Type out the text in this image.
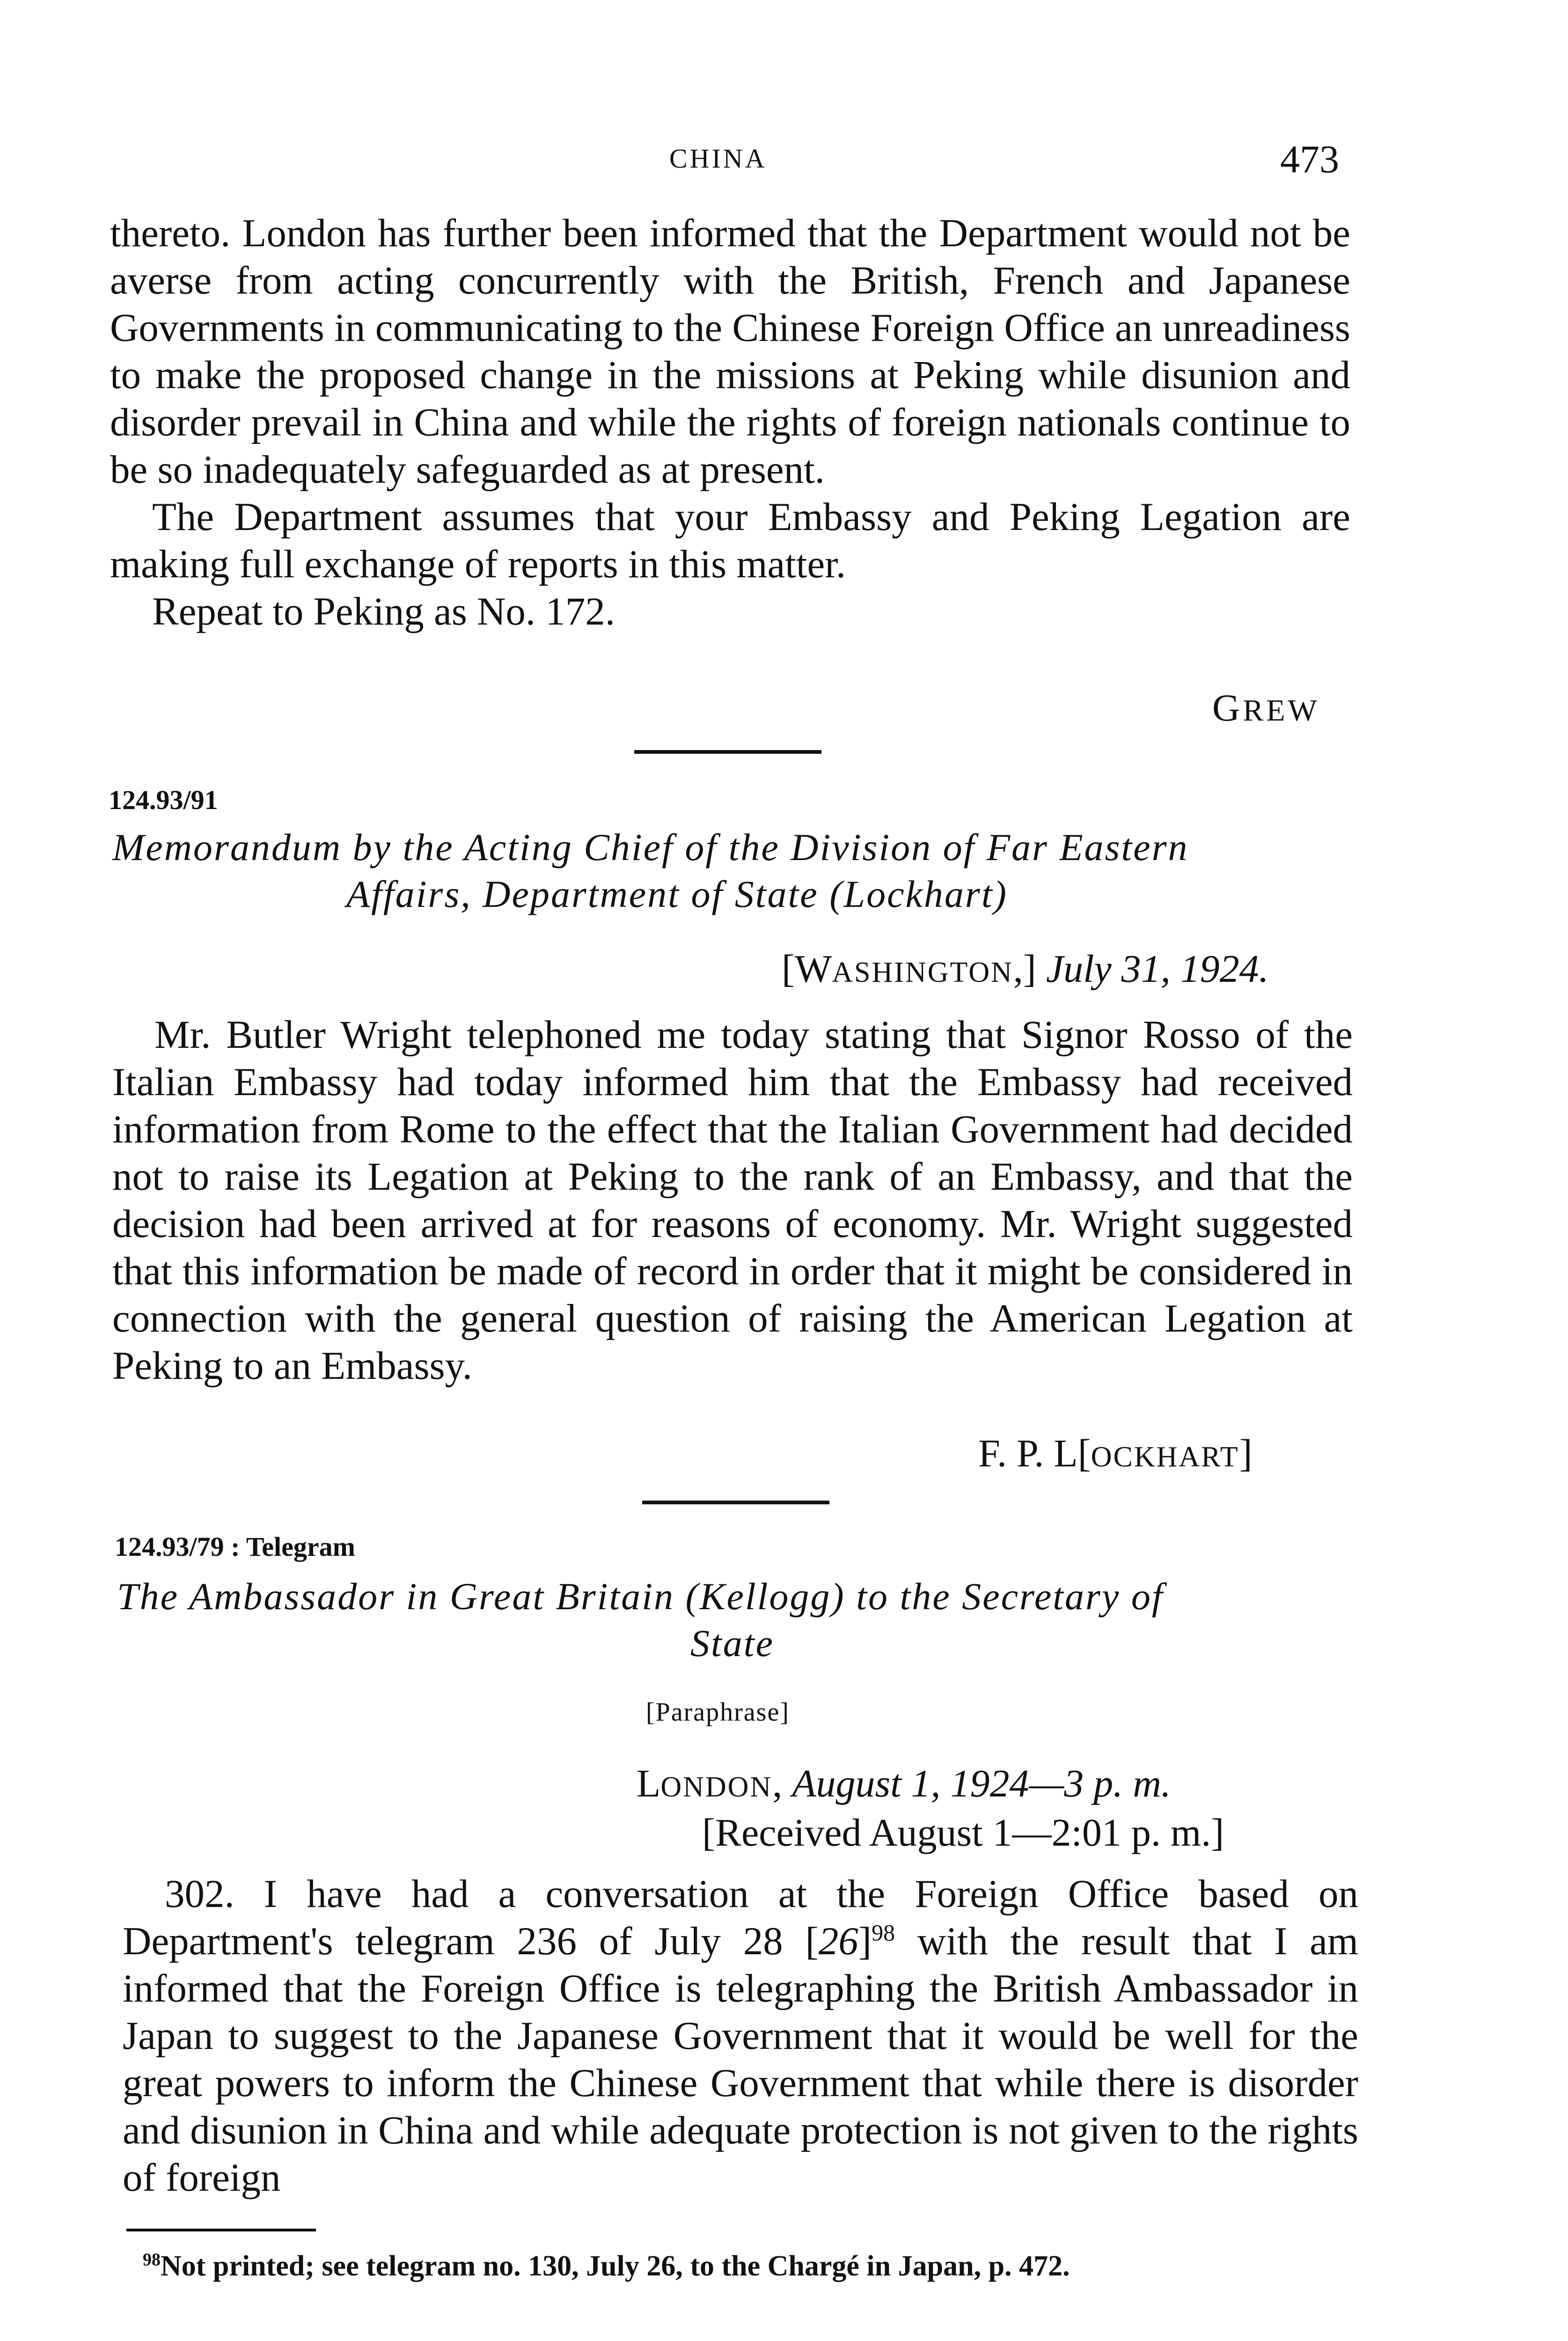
CHINA	473

thereto. London has further been informed that the Department would not be averse from acting concurrently with the British, French and Japanese Governments in communicating to the Chinese Foreign Office an unreadiness to make the proposed change in the missions at Peking while disunion and disorder prevail in China and while the rights of foreign nationals continue to be so inadequately safeguarded as at present.

The Department assumes that your Embassy and Peking Legation are making full exchange of reports in this matter.

Repeat to Peking as No. 172.

GREW
124.93/91
Memorandum by the Acting Chief of the Division of Far Eastern
Affairs, Department of State (Lockhart)
[WASHINGTON,] July 31, 1924.

Mr. Butler Wright telephoned me today stating that Signor Rosso of the Italian Embassy had today informed him that the Embassy had received information from Rome to the effect that the Italian Government had decided not to raise its Legation at Peking to the rank of an Embassy, and that the decision had been arrived at for reasons of economy. Mr. Wright suggested that this information be made of record in order that it might be considered in connection with the general question of raising the American Legation at Peking to an Embassy.

F. P. L[OCKHART]
124.93/79 : Telegram
The Ambassador in Great Britain (Kellogg) to the Secretary of
State
[Paraphrase]
LONDON, August 1, 1924—3 p. m.
[Received August 1—2:01 p. m.]

302. I have had a conversation at the Foreign Office based on Department's telegram 236 of July 28 $[26]^{98}$ with the result that I am informed that the Foreign Office is telegraphing the British Ambassador in Japan to suggest to the Japanese Government that it would be well for the great powers to inform the Chinese Government that while there is disorder and disunion in China and while adequate protection is not given to the rights of foreign

$^{98}$Not printed; see telegram no. 130, July 26, to the Chargé in Japan, p. 472.
